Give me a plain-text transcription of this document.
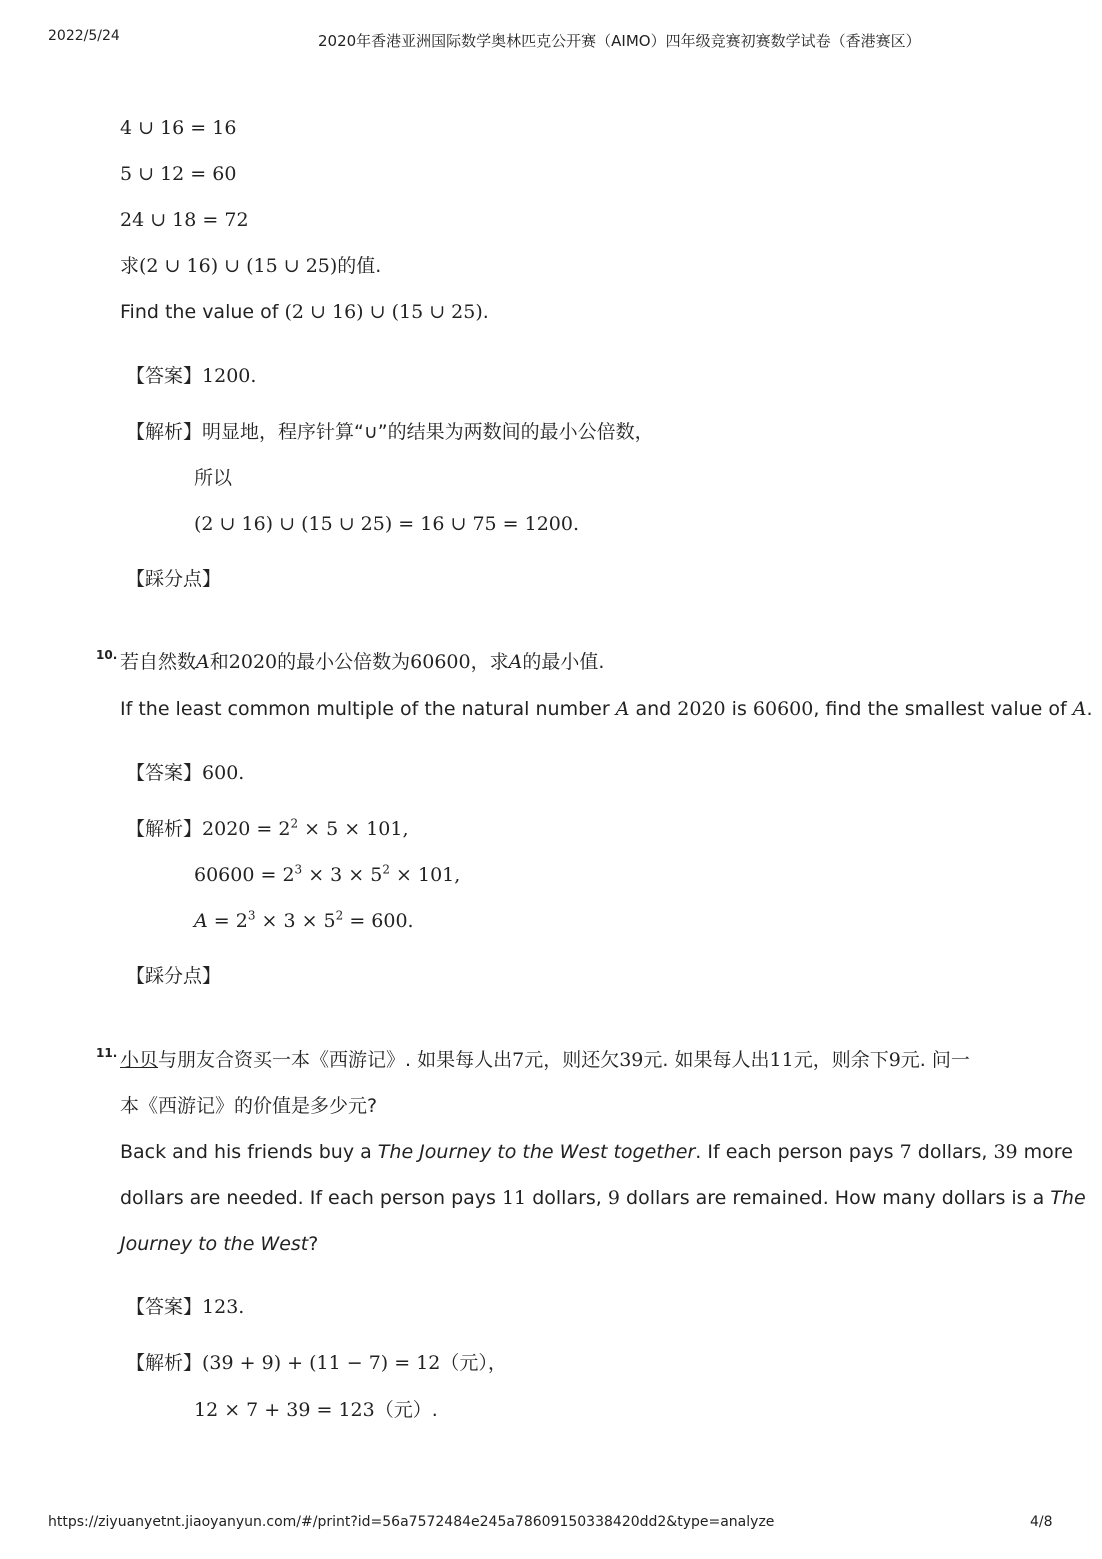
2022/5/24	2020年香港亚洲国际数学奥林匹克公开赛（AIMO）四年级竞赛初赛数学试卷（香港赛区）
4 ∪ 16 = 16
5 ∪ 12 = 60
24 ∪ 18 = 72
求(2 ∪ 16) ∪ (15 ∪ 25)的值.
Find the value of (2 ∪ 16) ∪ (15 ∪ 25).
【答案】1200.
【解析】明显地，程序针算“∪”的结果为两数间的最小公倍数，
所以
(2 ∪ 16) ∪ (15 ∪ 25) = 16 ∪ 75 = 1200.
【踩分点】
10. 若自然数A和2020的最小公倍数为60600，求A的最小值.
If the least common multiple of the natural number A and 2020 is 60600, find the smallest value of A.
【答案】600.
【解析】$2020 = 2^2 \times 5 \times 101$,
$60600 = 2^3 \times 3 \times 5^2 \times 101$,
$A = 2^3 \times 3 \times 5^2 = 600$.
【踩分点】
11. 小贝与朋友合资买一本《西游记》. 如果每人出7元，则还欠39元. 如果每人出11元，则余下9元. 问一
本《西游记》的价值是多少元?
Back and his friends buy a The Journey to the West together. If each person pays 7 dollars, 39 more
dollars are needed. If each person pays 11 dollars, 9 dollars are remained. How many dollars is a The
Journey to the West?
【答案】123.
【解析】(39 + 9) + (11 − 7) = 12（元），
12 × 7 + 39 = 123（元）.
https://ziyuanyetnt.jiaoyanyun.com/#/print?id=56a7572484e245a78609150338420dd2&type=analyze	4/8
